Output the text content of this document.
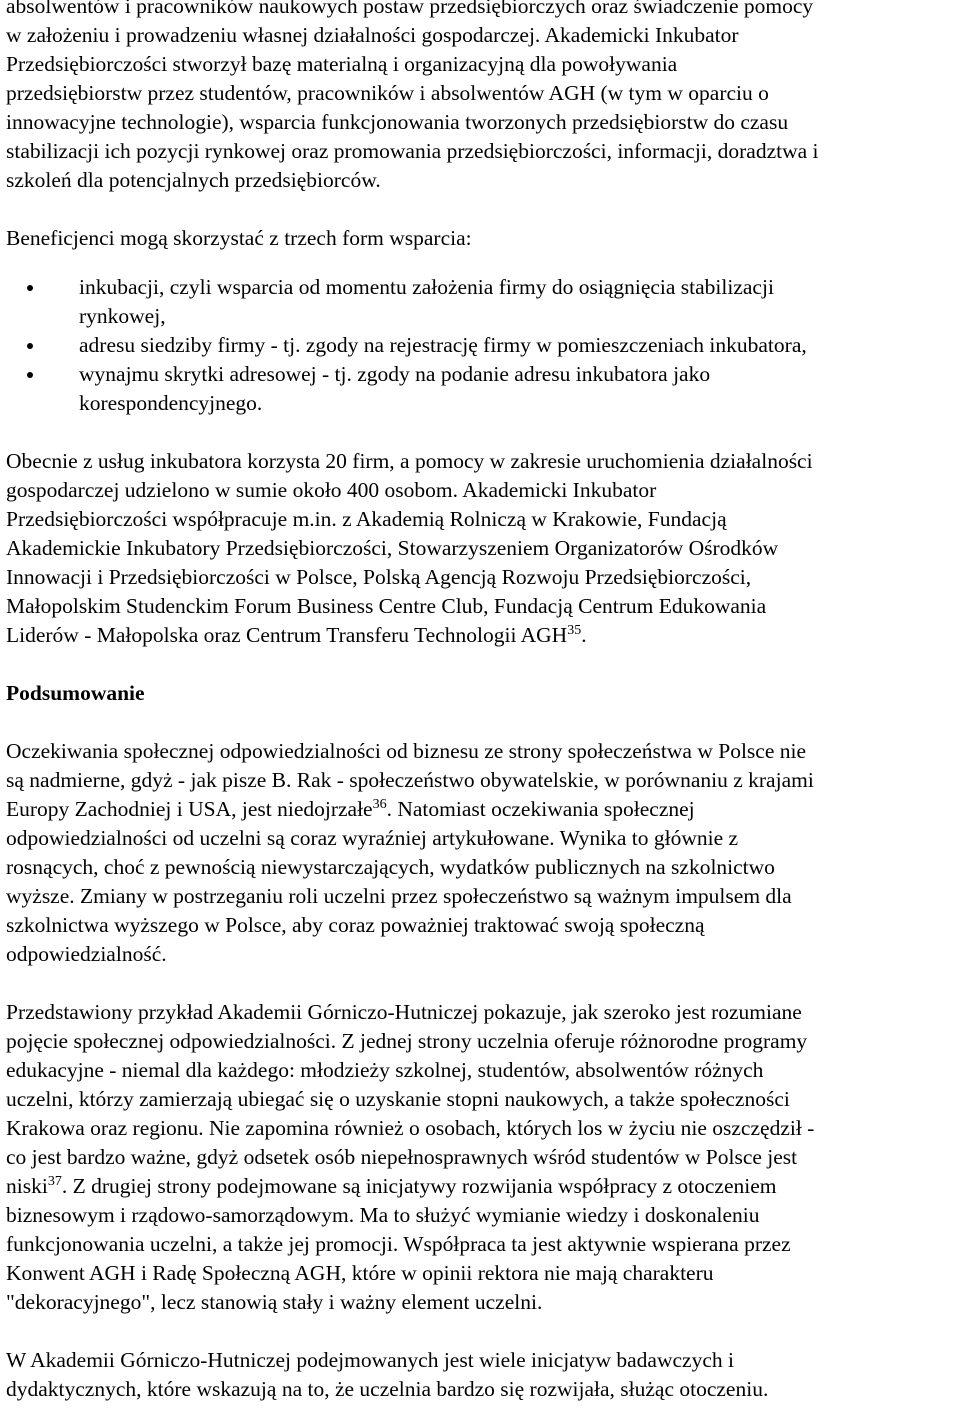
absolwentów i pracowników naukowych postaw przedsiębiorczych oraz świadczenie pomocy

w założeniu i prowadzeniu własnej działalności gospodarczej. Akademicki Inkubator

Przedsiębiorczości stworzył bazę materialną i organizacyjną dla powoływania

przedsiębiorstw przez studentów, pracowników i absolwentów AGH (w tym w oparciu o

innowacyjne technologie), wsparcia funkcjonowania tworzonych przedsiębiorstw do czasu

stabilizacji ich pozycji rynkowej oraz promowania przedsiębiorczości, informacji, doradztwa i

szkoleń dla potencjalnych przedsiębiorców.

Beneficjenci mogą skorzystać z trzech form wsparcia:

inkubacji, czyli wsparcia od momentu założenia firmy do osiągnięcia stabilizacji

rynkowej,

adresu siedziby firmy - tj. zgody na rejestrację firmy w pomieszczeniach inkubatora,
wynajmu skrytki adresowej - tj. zgody na podanie adresu inkubatora jako

korespondencyjnego.

Obecnie z usług inkubatora korzysta 20 firm, a pomocy w zakresie uruchomienia działalności

gospodarczej udzielono w sumie około 400 osobom. Akademicki Inkubator

Przedsiębiorczości współpracuje m.in. z Akademią Rolniczą w Krakowie, Fundacją

Akademickie Inkubatory Przedsiębiorczości, Stowarzyszeniem Organizatorów Ośrodków

Innowacji i Przedsiębiorczości w Polsce, Polską Agencją Rozwoju Przedsiębiorczości,

Małopolskim Studenckim Forum Business Centre Club, Fundacją Centrum Edukowania

Liderów - Małopolska oraz Centrum Transferu Technologii AGH$^{35}$.

Podsumowanie

Oczekiwania społecznej odpowiedzialności od biznesu ze strony społeczeństwa w Polsce nie

są nadmierne, gdyż - jak pisze B. Rak - społeczeństwo obywatelskie, w porównaniu z krajami

Europy Zachodniej i USA, jest niedojrzałe$^{36}$. Natomiast oczekiwania społecznej

odpowiedzialności od uczelni są coraz wyraźniej artykułowane. Wynika to głównie z

rosnących, choć z pewnością niewystarczających, wydatków publicznych na szkolnictwo

wyższe. Zmiany w postrzeganiu roli uczelni przez społeczeństwo są ważnym impulsem dla

szkolnictwa wyższego w Polsce, aby coraz poważniej traktować swoją społeczną

odpowiedzialność.

Przedstawiony przykład Akademii Górniczo-Hutniczej pokazuje, jak szeroko jest rozumiane

pojęcie społecznej odpowiedzialności. Z jednej strony uczelnia oferuje różnorodne programy

edukacyjne - niemal dla każdego: młodzieży szkolnej, studentów, absolwentów różnych

uczelni, którzy zamierzają ubiegać się o uzyskanie stopni naukowych, a także społeczności

Krakowa oraz regionu. Nie zapomina również o osobach, których los w życiu nie oszczędził -

co jest bardzo ważne, gdyż odsetek osób niepełnosprawnych wśród studentów w Polsce jest

niski$^{37}$. Z drugiej strony podejmowane są inicjatywy rozwijania współpracy z otoczeniem

biznesowym i rządowo-samorządowym. Ma to służyć wymianie wiedzy i doskonaleniu

funkcjonowania uczelni, a także jej promocji. Współpraca ta jest aktywnie wspierana przez

Konwent AGH i Radę Społeczną AGH, które w opinii rektora nie mają charakteru

"dekoracyjnego", lecz stanowią stały i ważny element uczelni.

W Akademii Górniczo-Hutniczej podejmowanych jest wiele inicjatyw badawczych i

dydaktycznych, które wskazują na to, że uczelnia bardzo się rozwijała, służąc otoczeniu.
